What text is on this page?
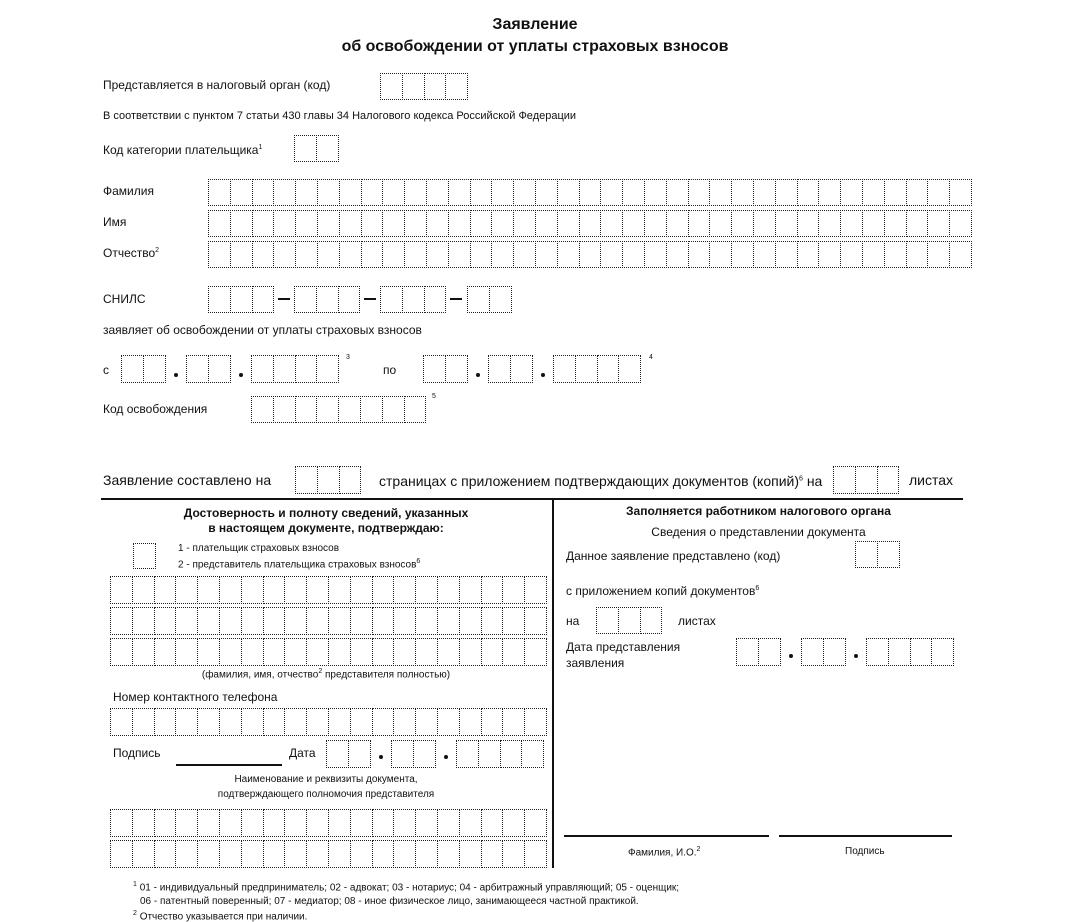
Заявление
об освобождении от уплаты страховых взносов
Представляется в налоговый орган (код)
В соответствии с пунктом 7 статьи 430 главы 34 Налогового кодекса Российской Федерации
Код категории плательщика$^1$
Фамилия
Имя
Отчество$^2$
СНИЛС
заявляет об освобождении от уплаты страховых взносов
с
3
по
4
Код освобождения
5
Заявление составлено на	страницах с приложением подтверждающих документов (копий)$^6$ на	листах
Достоверность и полноту сведений, указанных
в настоящем документе, подтверждаю:
1 - плательщик страховых взносов
2 - представитель плательщика страховых взносов$^6$
(фамилия, имя, отчество$^2$ представителя полностью)
Номер контактного телефона
Подпись	Дата
Наименование и реквизиты документа,
подтверждающего полномочия представителя
Заполняется работником налогового органа
Сведения о представлении документа
Данное заявление представлено (код)
с приложением копий документов$^6$
на	листах
Дата представления
заявления
Фамилия, И.О.$^2$	Подпись
$^1$ 01 - индивидуальный предприниматель; 02 - адвокат; 03 - нотариус; 04 - арбитражный управляющий; 05 - оценщик;
06 - патентный поверенный; 07 - медиатор; 08 - иное физическое лицо, занимающееся частной практикой.
$^2$ Отчество указывается при наличии.
